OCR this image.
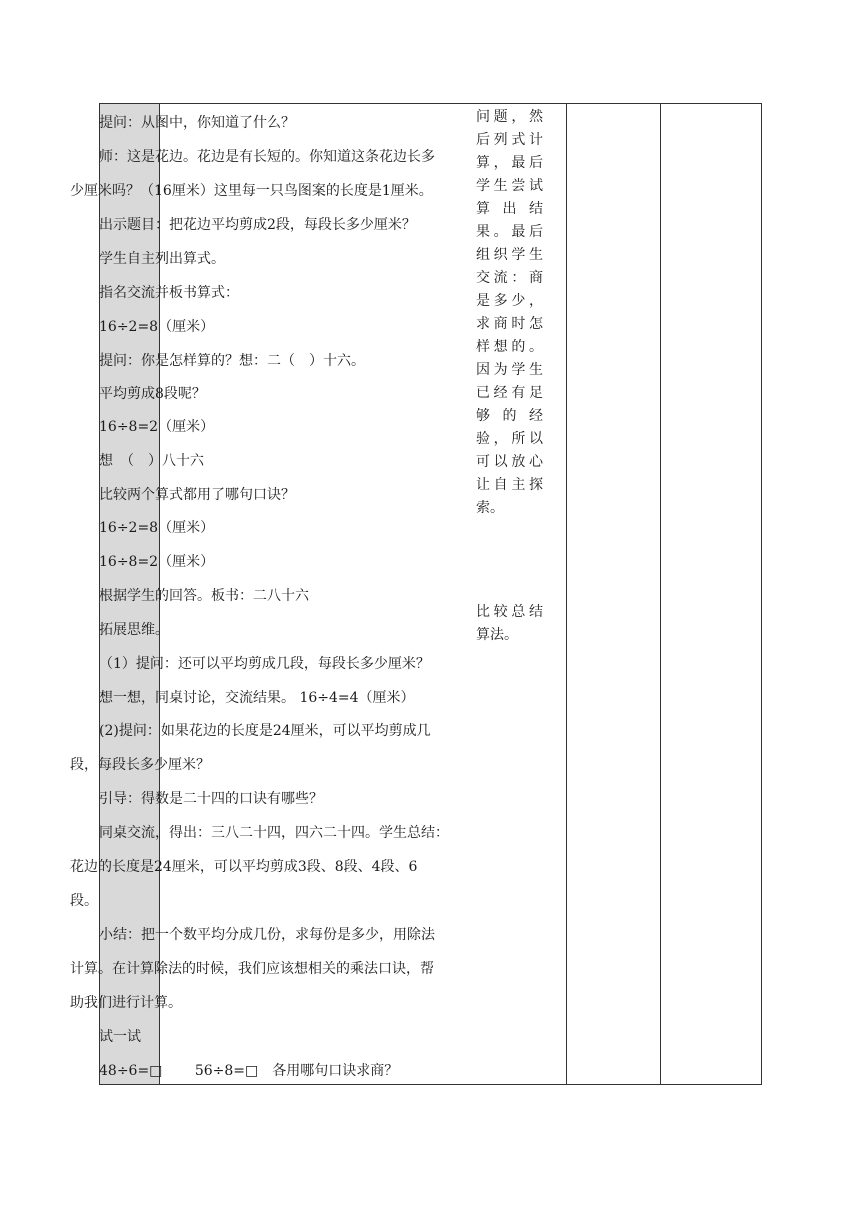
提问：从图中，你知道了什么？
师：这是花边。花边是有长短的。你知道这条花边长多
少厘米吗？（16厘米）这里每一只鸟图案的长度是1厘米。
出示题目：把花边平均剪成2段，每段长多少厘米？
学生自主列出算式。
指名交流并板书算式：
16÷2=8（厘米）
提问：你是怎样算的？想：二（　）十六。
平均剪成8段呢？
16÷8=2（厘米）
想　（　）八十六
比较两个算式都用了哪句口诀？
16÷2=8（厘米）
16÷8=2（厘米）
根据学生的回答。板书：二八十六
拓展思维。
（1）提问：还可以平均剪成几段，每段长多少厘米？
想一想，同桌讨论，交流结果。 16÷4=4（厘米）
(2)提问：如果花边的长度是24厘米，可以平均剪成几
段，每段长多少厘米？
引导：得数是二十四的口诀有哪些？
同桌交流，得出：三八二十四，四六二十四。学生总结：
花边的长度是24厘米，可以平均剪成3段、8段、4段、6
段。
小结：把一个数平均分成几份，求每份是多少，用除法
计算。在计算除法的时候，我们应该想相关的乘法口诀，帮
助我们进行计算。
试一试
48÷6=□　　 56÷8=□　各用哪句口诀求商？
问题，然
后列式计
算，最后
学生尝试
算出结
果。最后
组织学生
交流：商
是多少，
求商时怎
样想的。
因为学生
已经有足
够的经
验，所以
可以放心
让自主探
索。
比较总结
算法。
